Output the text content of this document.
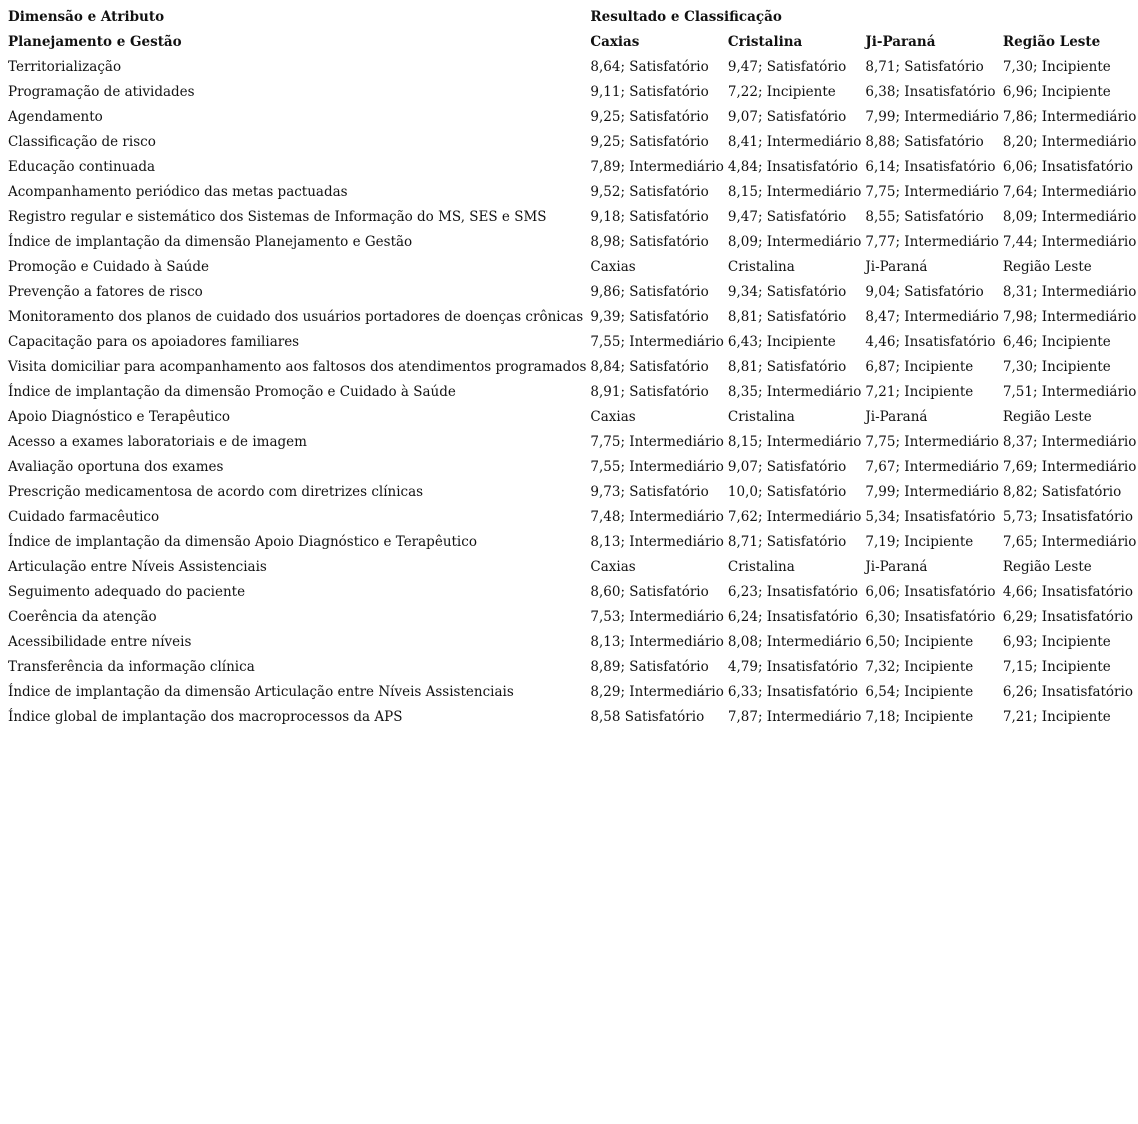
Dimensão e Atributo	Resultado e Classificação			
Planejamento e Gestão	Caxias	Cristalina	Ji-Paraná	Região Leste
Territorialização	8,64; Satisfatório	9,47; Satisfatório	8,71; Satisfatório	7,30; Incipiente
Programação de atividades	9,11; Satisfatório	7,22; Incipiente	6,38; Insatisfatório	6,96; Incipiente
Agendamento	9,25; Satisfatório	9,07; Satisfatório	7,99; Intermediário	7,86; Intermediário
Classificação de risco	9,25; Satisfatório	8,41; Intermediário	8,88; Satisfatório	8,20; Intermediário
Educação continuada	7,89; Intermediário	4,84; Insatisfatório	6,14; Insatisfatório	6,06; Insatisfatório
Acompanhamento periódico das metas pactuadas	9,52; Satisfatório	8,15; Intermediário	7,75; Intermediário	7,64; Intermediário
Registro regular e sistemático dos Sistemas de Informação do MS, SES e SMS	9,18; Satisfatório	9,47; Satisfatório	8,55; Satisfatório	8,09; Intermediário
Índice de implantação da dimensão Planejamento e Gestão	8,98; Satisfatório	8,09; Intermediário	7,77; Intermediário	7,44; Intermediário
Promoção e Cuidado à Saúde	Caxias	Cristalina	Ji-Paraná	Região Leste
Prevenção a fatores de risco	9,86; Satisfatório	9,34; Satisfatório	9,04; Satisfatório	8,31; Intermediário
Monitoramento dos planos de cuidado dos usuários portadores de doenças crônicas	9,39; Satisfatório	8,81; Satisfatório	8,47; Intermediário	7,98; Intermediário
Capacitação para os apoiadores familiares	7,55; Intermediário	6,43; Incipiente	4,46; Insatisfatório	6,46; Incipiente
Visita domiciliar para acompanhamento aos faltosos dos atendimentos programados	8,84; Satisfatório	8,81; Satisfatório	6,87; Incipiente	7,30; Incipiente
Índice de implantação da dimensão Promoção e Cuidado à Saúde	8,91; Satisfatório	8,35; Intermediário	7,21; Incipiente	7,51; Intermediário
Apoio Diagnóstico e Terapêutico	Caxias	Cristalina	Ji-Paraná	Região Leste
Acesso a exames laboratoriais e de imagem	7,75; Intermediário	8,15; Intermediário	7,75; Intermediário	8,37; Intermediário
Avaliação oportuna dos exames	7,55; Intermediário	9,07; Satisfatório	7,67; Intermediário	7,69; Intermediário
Prescrição medicamentosa de acordo com diretrizes clínicas	9,73; Satisfatório	10,0; Satisfatório	7,99; Intermediário	8,82; Satisfatório
Cuidado farmacêutico	7,48; Intermediário	7,62; Intermediário	5,34; Insatisfatório	5,73; Insatisfatório
Índice de implantação da dimensão Apoio Diagnóstico e Terapêutico	8,13; Intermediário	8,71; Satisfatório	7,19; Incipiente	7,65; Intermediário
Articulação entre Níveis Assistenciais	Caxias	Cristalina	Ji-Paraná	Região Leste
Seguimento adequado do paciente	8,60; Satisfatório	6,23; Insatisfatório	6,06; Insatisfatório	4,66; Insatisfatório
Coerência da atenção	7,53; Intermediário	6,24; Insatisfatório	6,30; Insatisfatório	6,29; Insatisfatório
Acessibilidade entre níveis	8,13; Intermediário	8,08; Intermediário	6,50; Incipiente	6,93; Incipiente
Transferência da informação clínica	8,89; Satisfatório	4,79; Insatisfatório	7,32; Incipiente	7,15; Incipiente
Índice de implantação da dimensão Articulação entre Níveis Assistenciais	8,29; Intermediário	6,33; Insatisfatório	6,54; Incipiente	6,26; Insatisfatório
Índice global de implantação dos macroprocessos da APS	8,58 Satisfatório	7,87; Intermediário	7,18; Incipiente	7,21; Incipiente
